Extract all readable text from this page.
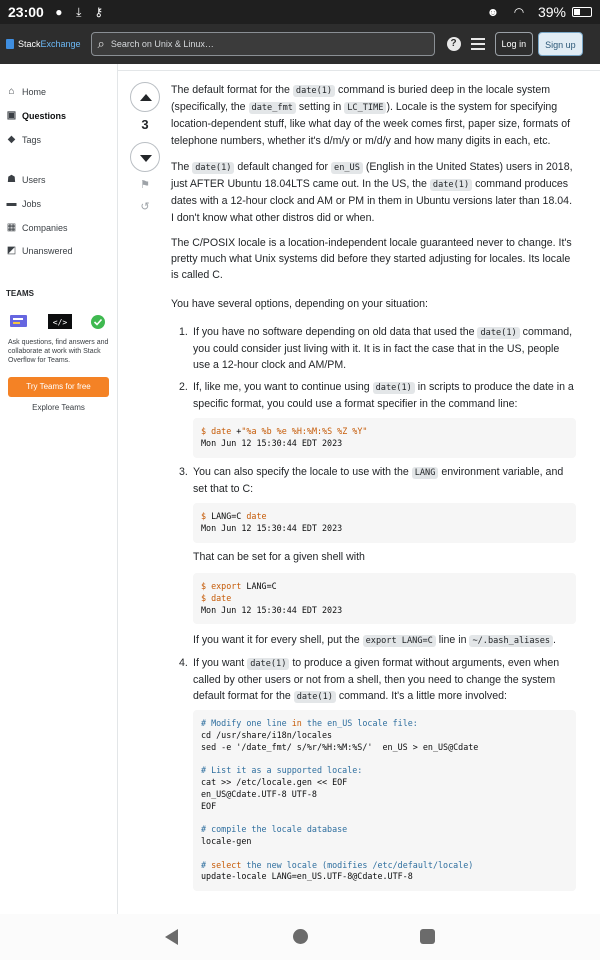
23:00 ●	⤓	⚷	☻ ◠ 39%
Stack Exchange ⌕ Search on Unix & Linux…	?	Log in	Sign up
⌂ Home
▣ Questions
◆ Tags
☗ Users
▬ Jobs
▦ Companies
◩ Unanswered
TEAMS
</>
Ask questions, find answers and collaborate at work with Stack Overflow for Teams.
Try Teams for free
Explore Teams
3
⚑
↺

The default format for the date(1) command is buried deep in the locale system (specifically, the date_fmt setting in LC_TIME ). Locale is the system for specifying location-dependent stuff, like what day of the week comes first, paper size, formats of telephone numbers, whether it's d/m/y or m/d/y and how many digits in each, etc.

The date(1) default changed for en_US (English in the United States) users in 2018, just AFTER Ubuntu 18.04LTS came out. In the US, the date(1) command produces dates with a 12-hour clock and AM or PM in them in Ubuntu versions later than 18.04. I don't know what other distros did or when.

The C/POSIX locale is a location-independent locale guaranteed never to change. It's pretty much what Unix systems did before they started adjusting for locales. Its locale is called C.

You have several options, depending on your situation:

1. If you have no software depending on old data that used the date(1) command, you could consider just living with it. It is in fact the case that in the US, people use a 12-hour clock and AM/PM.
2. If, like me, you want to continue using date(1) in scripts to produce the date in a specific format, you could use a format specifier in the command line:
$ date +"%a %b %e %H:%M:%S %Z %Y"
Mon Jun 12 15:30:44 EDT 2023
3. You can also specify the locale to use with the LANG environment variable, and set that to C:
$ LANG=C date
Mon Jun 12 15:30:44 EDT 2023
That can be set for a given shell with
$ export LANG=C
$ date
Mon Jun 12 15:30:44 EDT 2023
If you want it for every shell, put the export LANG=C line in ~/.bash_aliases .
4. If you want date(1) to produce a given format without arguments, even when called by other users or not from a shell, then you need to change the system default format for the date(1) command. It's a little more involved:
# Modify one line in the en_US locale file:
cd /usr/share/i18n/locales
sed -e '/date_fmt/ s/%r/%H:%M:%S/'  en_US > en_US@Cdate

# List it as a supported locale:
cat >> /etc/locale.gen << EOF
en_US@Cdate.UTF-8 UTF-8
EOF

# compile the locale database
locale-gen

# select the new locale (modifies /etc/default/locale)
update-locale LANG=en_US.UTF-8@Cdate.UTF-8
